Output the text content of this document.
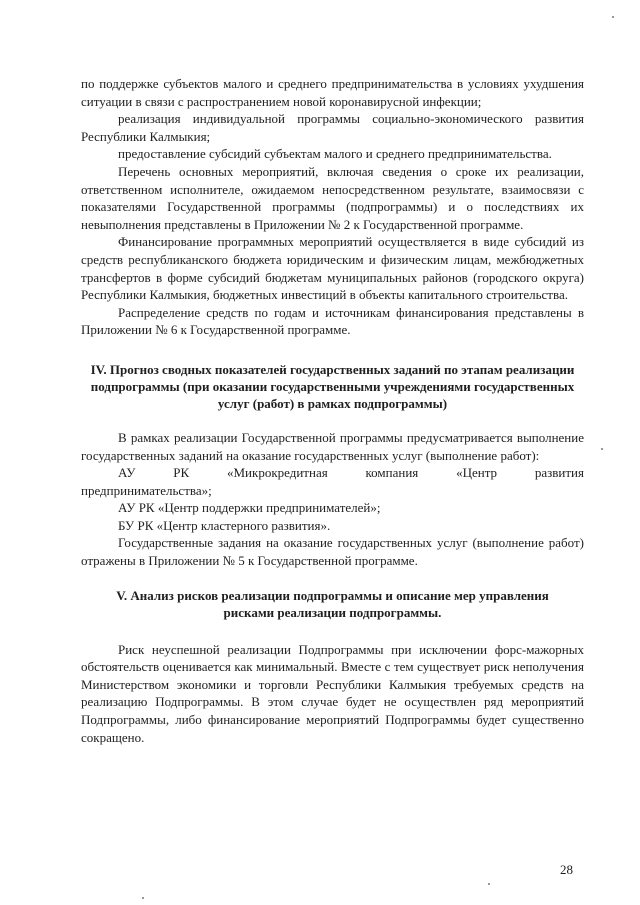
по поддержке субъектов малого и среднего предпринимательства в условиях ухудшения ситуации в связи с распространением новой коронавирусной инфекции;

реализация индивидуальной программы социально-экономического развития Республики Калмыкия;

предоставление субсидий субъектам малого и среднего предпринимательства.

Перечень основных мероприятий, включая сведения о сроке их реализации, ответственном исполнителе, ожидаемом непосредственном результате, взаимосвязи с показателями Государственной программы (подпрограммы) и о последствиях их невыполнения представлены в Приложении № 2 к Государственной программе.

Финансирование программных мероприятий осуществляется в виде субсидий из средств республиканского бюджета юридическим и физическим лицам, межбюджетных трансфертов в форме субсидий бюджетам муниципальных районов (городского округа) Республики Калмыкия, бюджетных инвестиций в объекты капитального строительства.

Распределение средств по годам и источникам финансирования представлены в Приложении № 6 к Государственной программе.

IV. Прогноз сводных показателей государственных заданий по этапам реализации подпрограммы (при оказании государственными учреждениями государственных услуг (работ) в рамках подпрограммы)

В рамках реализации Государственной программы предусматривается выполнение государственных заданий на оказание государственных услуг (выполнение работ):

АУ	РК	«Микрокредитная	компания	«Центр	развития

предпринимательства»;

АУ РК «Центр поддержки предпринимателей»;

БУ РК «Центр кластерного развития».

Государственные задания на оказание государственных услуг (выполнение работ) отражены в Приложении № 5 к Государственной программе.

V. Анализ рисков реализации подпрограммы и описание мер управления рисками реализации подпрограммы.

Риск неуспешной реализации Подпрограммы при исключении форс-мажорных обстоятельств оценивается как минимальный. Вместе с тем существует риск неполучения Министерством экономики и торговли Республики Калмыкия требуемых средств на реализацию Подпрограммы. В этом случае будет не осуществлен ряд мероприятий Подпрограммы, либо финансирование мероприятий Подпрограммы будет существенно сокращено.

28
